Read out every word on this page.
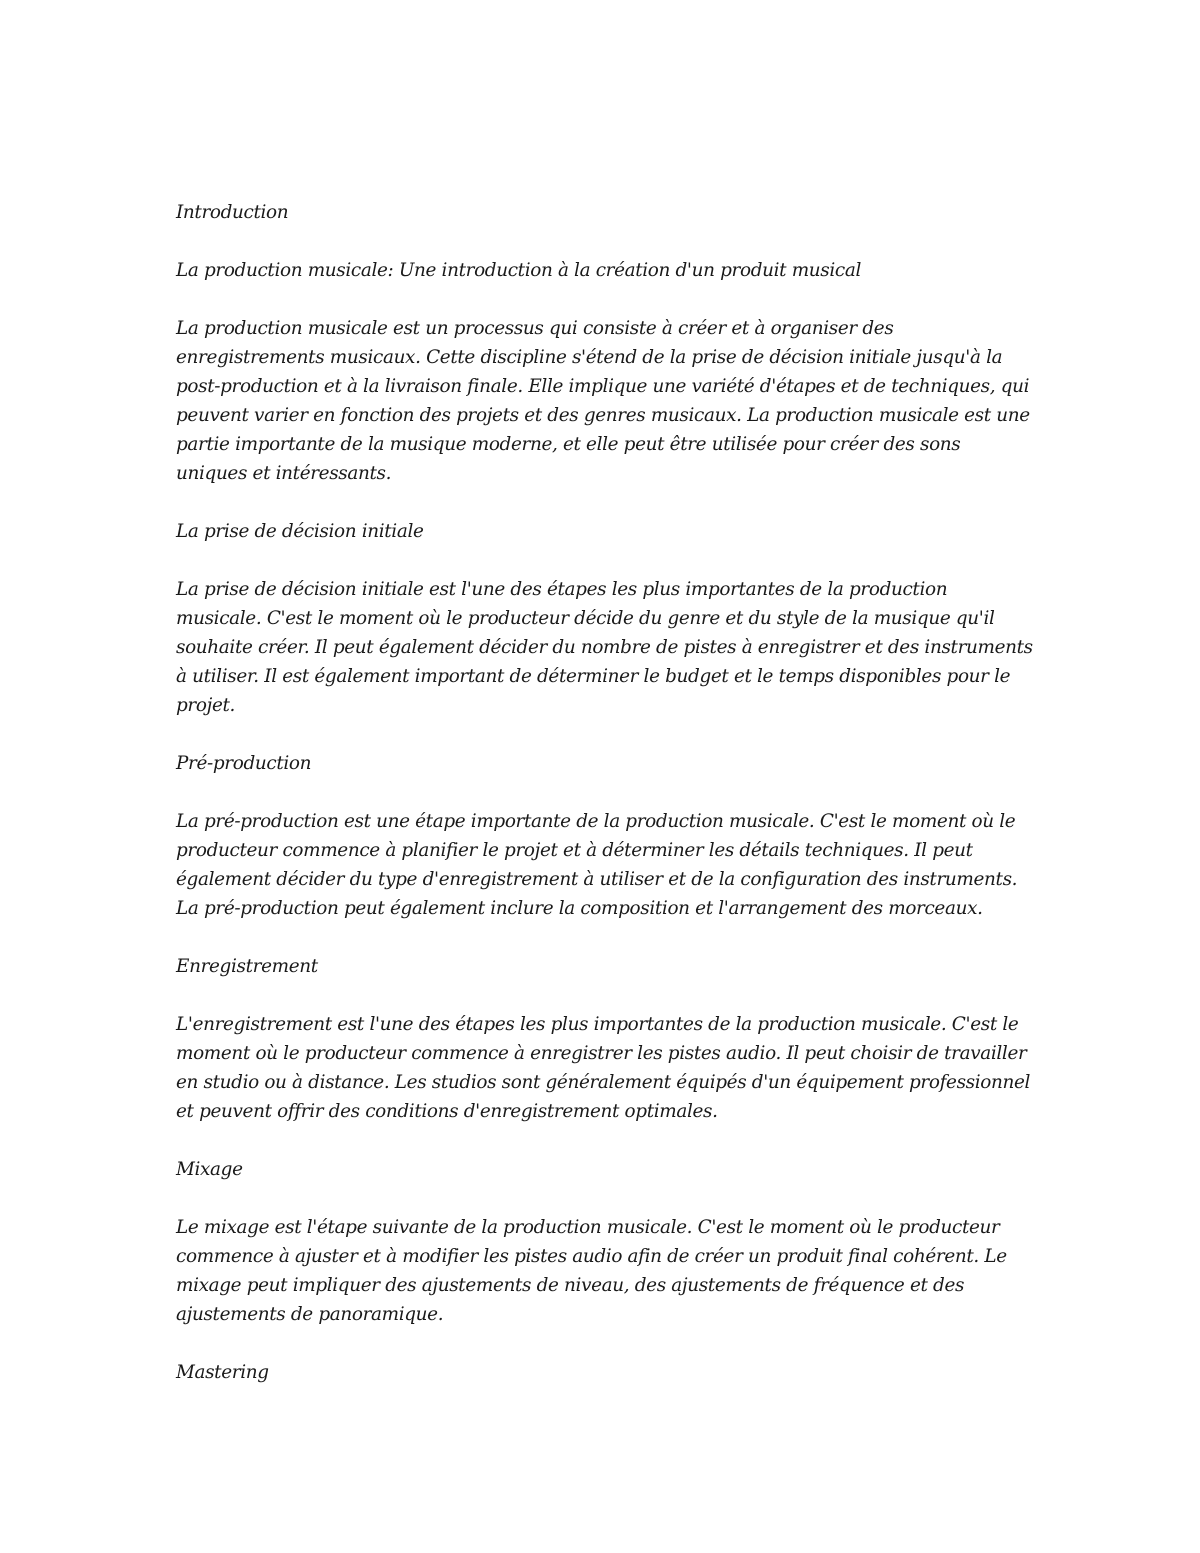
Introduction

La production musicale: Une introduction à la création d'un produit musical

La production musicale est un processus qui consiste à créer et à organiser des enregistrements musicaux. Cette discipline s'étend de la prise de décision initiale jusqu'à la post-production et à la livraison finale. Elle implique une variété d'étapes et de techniques, qui peuvent varier en fonction des projets et des genres musicaux. La production musicale est une partie importante de la musique moderne, et elle peut être utilisée pour créer des sons uniques et intéressants.

La prise de décision initiale

La prise de décision initiale est l'une des étapes les plus importantes de la production musicale. C'est le moment où le producteur décide du genre et du style de la musique qu'il souhaite créer. Il peut également décider du nombre de pistes à enregistrer et des instruments à utiliser. Il est également important de déterminer le budget et le temps disponibles pour le projet.

Pré-production

La pré-production est une étape importante de la production musicale. C'est le moment où le producteur commence à planifier le projet et à déterminer les détails techniques. Il peut également décider du type d'enregistrement à utiliser et de la configuration des instruments. La pré-production peut également inclure la composition et l'arrangement des morceaux.

Enregistrement

L'enregistrement est l'une des étapes les plus importantes de la production musicale. C'est le moment où le producteur commence à enregistrer les pistes audio. Il peut choisir de travailler en studio ou à distance. Les studios sont généralement équipés d'un équipement professionnel et peuvent offrir des conditions d'enregistrement optimales.

Mixage

Le mixage est l'étape suivante de la production musicale. C'est le moment où le producteur commence à ajuster et à modifier les pistes audio afin de créer un produit final cohérent. Le mixage peut impliquer des ajustements de niveau, des ajustements de fréquence et des ajustements de panoramique.

Mastering
